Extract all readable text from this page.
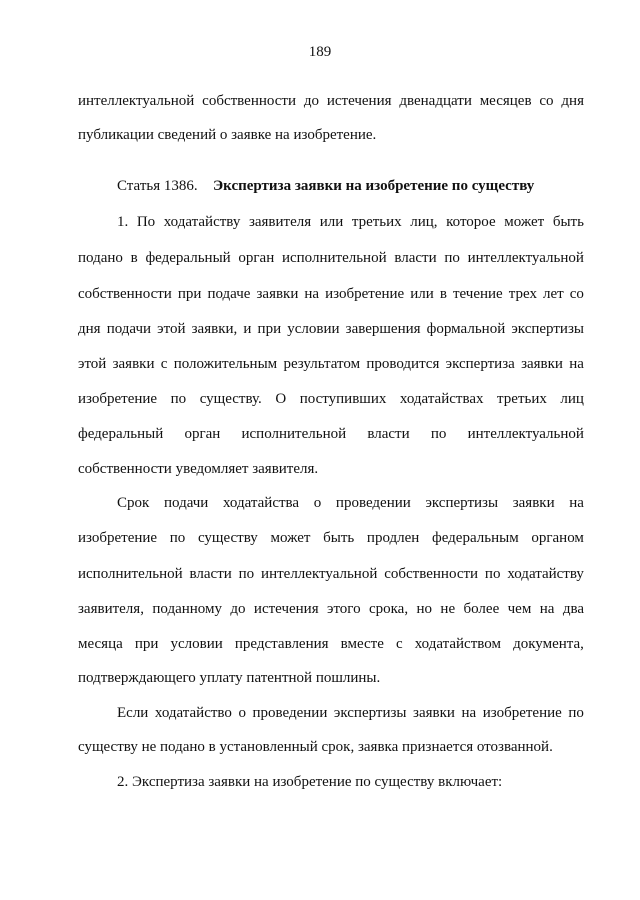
189
интеллектуальной собственности до истечения двенадцати месяцев со дня
публикации сведений о заявке на изобретение.
Статья 1386. Экспертиза заявки на изобретение по существу
1. По ходатайству заявителя или третьих лиц, которое может быть
подано в федеральный орган исполнительной власти по интеллектуальной
собственности при подаче заявки на изобретение или в течение трех лет со
дня подачи этой заявки, и при условии завершения формальной экспертизы
этой заявки с положительным результатом проводится экспертиза заявки на
изобретение по существу. О поступивших ходатайствах третьих лиц
федеральный орган исполнительной власти по интеллектуальной
собственности уведомляет заявителя.
Срок подачи ходатайства о проведении экспертизы заявки на
изобретение по существу может быть продлен федеральным органом
исполнительной власти по интеллектуальной собственности по ходатайству
заявителя, поданному до истечения этого срока, но не более чем на два
месяца при условии представления вместе с ходатайством документа,
подтверждающего уплату патентной пошлины.
Если ходатайство о проведении экспертизы заявки на изобретение по
существу не подано в установленный срок, заявка признается отозванной.
2. Экспертиза заявки на изобретение по существу включает:
